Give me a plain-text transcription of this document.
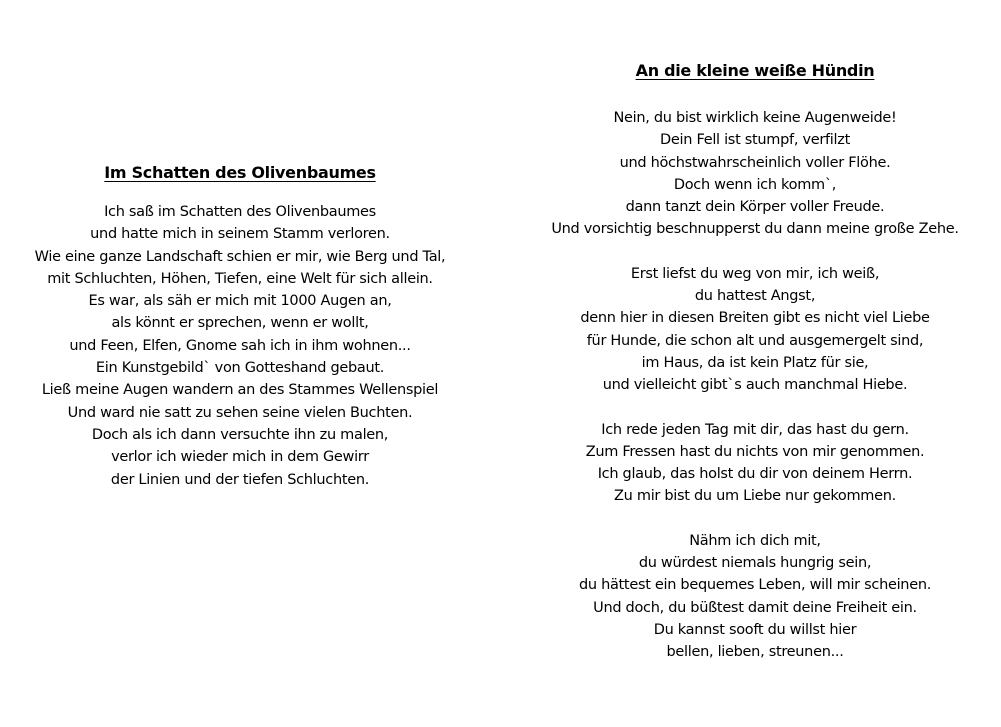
Im Schatten des Olivenbaumes
Ich saß im Schatten des Olivenbaumes
und hatte mich in seinem Stamm verloren.
Wie eine ganze Landschaft schien er mir, wie Berg und Tal,
mit Schluchten, Höhen, Tiefen, eine Welt für sich allein.
Es war, als säh er mich mit 1000 Augen an,
als könnt er sprechen, wenn er wollt,
und Feen, Elfen, Gnome sah ich in ihm wohnen...
Ein Kunstgebild` von Gotteshand gebaut.
Ließ meine Augen wandern an des Stammes Wellenspiel
Und ward nie satt zu sehen seine vielen Buchten.
Doch als ich dann versuchte ihn zu malen,
verlor ich wieder mich in dem Gewirr
der Linien und der tiefen Schluchten.
An die kleine weiße Hündin
Nein, du bist wirklich keine Augenweide!
Dein Fell ist stumpf, verfilzt
und höchstwahrscheinlich voller Flöhe.
Doch wenn ich komm`,
dann tanzt dein Körper voller Freude.
Und vorsichtig beschnupperst du dann meine große Zehe.
Erst liefst du weg von mir, ich weiß,
du hattest Angst,
denn hier in diesen Breiten gibt es nicht viel Liebe
für Hunde, die schon alt und ausgemergelt sind,
im Haus, da ist kein Platz für sie,
und vielleicht gibt`s auch manchmal Hiebe.
Ich rede jeden Tag mit dir, das hast du gern.
Zum Fressen hast du nichts von mir genommen.
Ich glaub, das holst du dir von deinem Herrn.
Zu mir bist du um Liebe nur gekommen.
Nähm ich dich mit,
du würdest niemals hungrig sein,
du hättest ein bequemes Leben, will mir scheinen.
Und doch, du büßtest damit deine Freiheit ein.
Du kannst sooft du willst hier
bellen, lieben, streunen...
